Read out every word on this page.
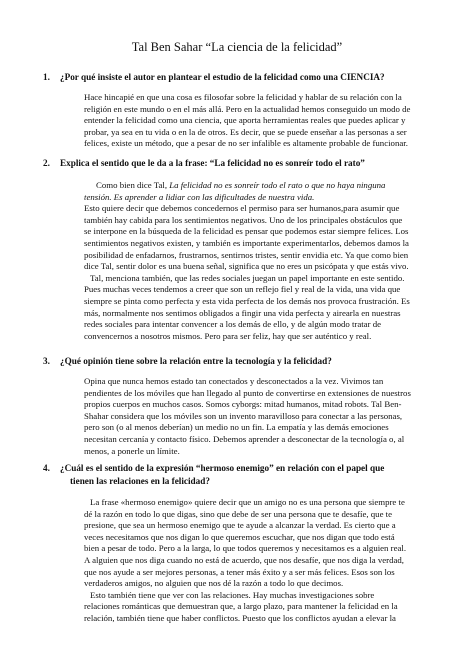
Tal Ben Sahar “La ciencia de la felicidad”
1. ¿Por qué insiste el autor en plantear el estudio de la felicidad como una CIENCIA?
Hace hincapié en que una cosa es filosofar sobre la felicidad y hablar de su relación con la
religión en este mundo o en el más allá. Pero en la actualidad hemos conseguido un modo de
entender la felicidad como una ciencia, que aporta herramientas reales que puedes aplicar y
probar, ya sea en tu vida o en la de otros. Es decir, que se puede enseñar a las personas a ser
felices, existe un método, que a pesar de no ser infalible es altamente probable de funcionar.
2. Explica el sentido que le da a la frase: “La felicidad no es sonreír todo el rato”
Como bien dice Tal, La felicidad no es sonreír todo el rato o que no haya ninguna
tensión. Es aprender a lidiar con las dificultades de nuestra vida.
Esto quiere decir que debemos concedernos el permiso para ser humanos,para asumir que
también hay cabida para los sentimientos negativos. Uno de los principales obstáculos que
se interpone en la búsqueda de la felicidad es pensar que podemos estar siempre felices. Los
sentimientos negativos existen, y también es importante experimentarlos, debemos damos la
posibilidad de enfadarnos, frustrarnos, sentirnos tristes, sentir envidia etc. Ya que como bien
dice Tal, sentir dolor es una buena señal, significa que no eres un psicópata y que estás vivo.
Tal, menciona también, que las redes sociales juegan un papel importante en este sentido.
Pues muchas veces tendemos a creer que son un reflejo fiel y real de la vida, una vida que
siempre se pinta como perfecta y esta vida perfecta de los demás nos provoca frustración. Es
más, normalmente nos sentimos obligados a fingir una vida perfecta y airearla en nuestras
redes sociales para intentar convencer a los demás de ello, y de algún modo tratar de
convencernos a nosotros mismos. Pero para ser feliz, hay que ser auténtico y real.
3. ¿Qué opinión tiene sobre la relación entre la tecnología y la felicidad?
Opina que nunca hemos estado tan conectados y desconectados a la vez. Vivimos tan
pendientes de los móviles que han llegado al punto de convertirse en extensiones de nuestros
propios cuerpos en muchos casos. Somos cyborgs: mitad humanos, mitad robots. Tal Ben-
Shahar considera que los móviles son un invento maravilloso para conectar a las personas,
pero son (o al menos deberían) un medio no un fin. La empatía y las demás emociones
necesitan cercanía y contacto físico. Debemos aprender a desconectar de la tecnología o, al
menos, a ponerle un límite.
4. ¿Cuál es el sentido de la expresión “hermoso enemigo” en relación con el papel que
tienen las relaciones en la felicidad?
La frase «hermoso enemigo» quiere decir que un amigo no es una persona que siempre te
dé la razón en todo lo que digas, sino que debe de ser una persona que te desafíe, que te
presione, que sea un hermoso enemigo que te ayude a alcanzar la verdad. Es cierto que a
veces necesitamos que nos digan lo que queremos escuchar, que nos digan que todo está
bien a pesar de todo. Pero a la larga, lo que todos queremos y necesitamos es a alguien real.
A alguien que nos diga cuando no está de acuerdo, que nos desafíe, que nos diga la verdad,
que nos ayude a ser mejores personas, a tener más éxito y a ser más felices. Esos son los
verdaderos amigos, no alguien que nos dé la razón a todo lo que decimos.
Esto también tiene que ver con las relaciones. Hay muchas investigaciones sobre
relaciones románticas que demuestran que, a largo plazo, para mantener la felicidad en la
relación, también tiene que haber conflictos. Puesto que los conflictos ayudan a elevar la
